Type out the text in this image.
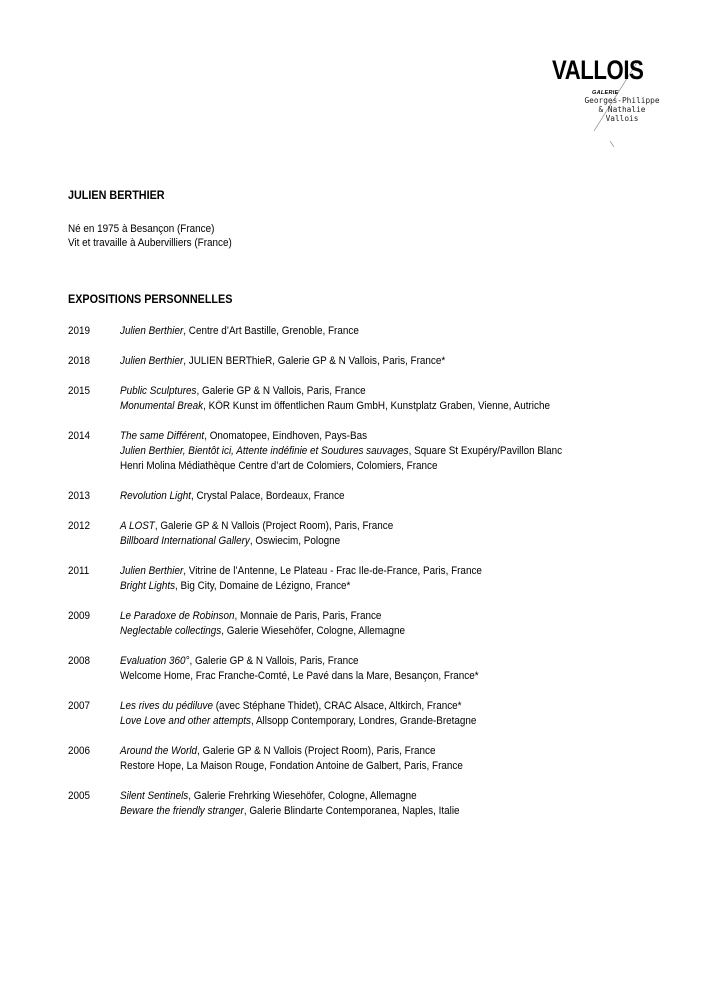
VALLOIS
GALERIE
Georges-Philippe
& Nathalie
Vallois
JULIEN BERTHIER
Né en 1975 à Besançon (France)
Vit et travaille à Aubervilliers (France)
EXPOSITIONS PERSONNELLES
2019	Julien Berthier, Centre d’Art Bastille, Grenoble, France
2018	Julien Berthier, JULIEN BERThieR, Galerie GP & N Vallois, Paris, France*
2015	Public Sculptures, Galerie GP & N Vallois, Paris, France
Monumental Break, KÖR Kunst im öffentlichen Raum GmbH, Kunstplatz Graben, Vienne, Autriche
2014	The same Différent, Onomatopee, Eindhoven, Pays-Bas
Julien Berthier, Bientôt ici, Attente indéfinie et Soudures sauvages, Square St Exupéry/Pavillon Blanc
Henri Molina Médiathèque Centre d’art de Colomiers, Colomiers, France
2013	Revolution Light, Crystal Palace, Bordeaux, France
2012	A LOST, Galerie GP & N Vallois (Project Room), Paris, France
Billboard International Gallery, Oswiecim, Pologne
2011	Julien Berthier, Vitrine de l’Antenne, Le Plateau - Frac Ile-de-France, Paris, France
Bright Lights, Big City, Domaine de Lézigno, France*
2009	Le Paradoxe de Robinson, Monnaie de Paris, Paris, France
Neglectable collectings, Galerie Wiesehöfer, Cologne, Allemagne
2008	Evaluation 360°, Galerie GP & N Vallois, Paris, France
Welcome Home, Frac Franche-Comté, Le Pavé dans la Mare, Besançon, France*
2007	Les rives du pédiluve (avec Stéphane Thidet), CRAC Alsace, Altkirch, France*
Love Love and other attempts, Allsopp Contemporary, Londres, Grande-Bretagne
2006	Around the World, Galerie GP & N Vallois (Project Room), Paris, France
Restore Hope, La Maison Rouge, Fondation Antoine de Galbert, Paris, France
2005	Silent Sentinels, Galerie Frehrking Wiesehöfer, Cologne, Allemagne
Beware the friendly stranger, Galerie Blindarte Contemporanea, Naples, Italie
